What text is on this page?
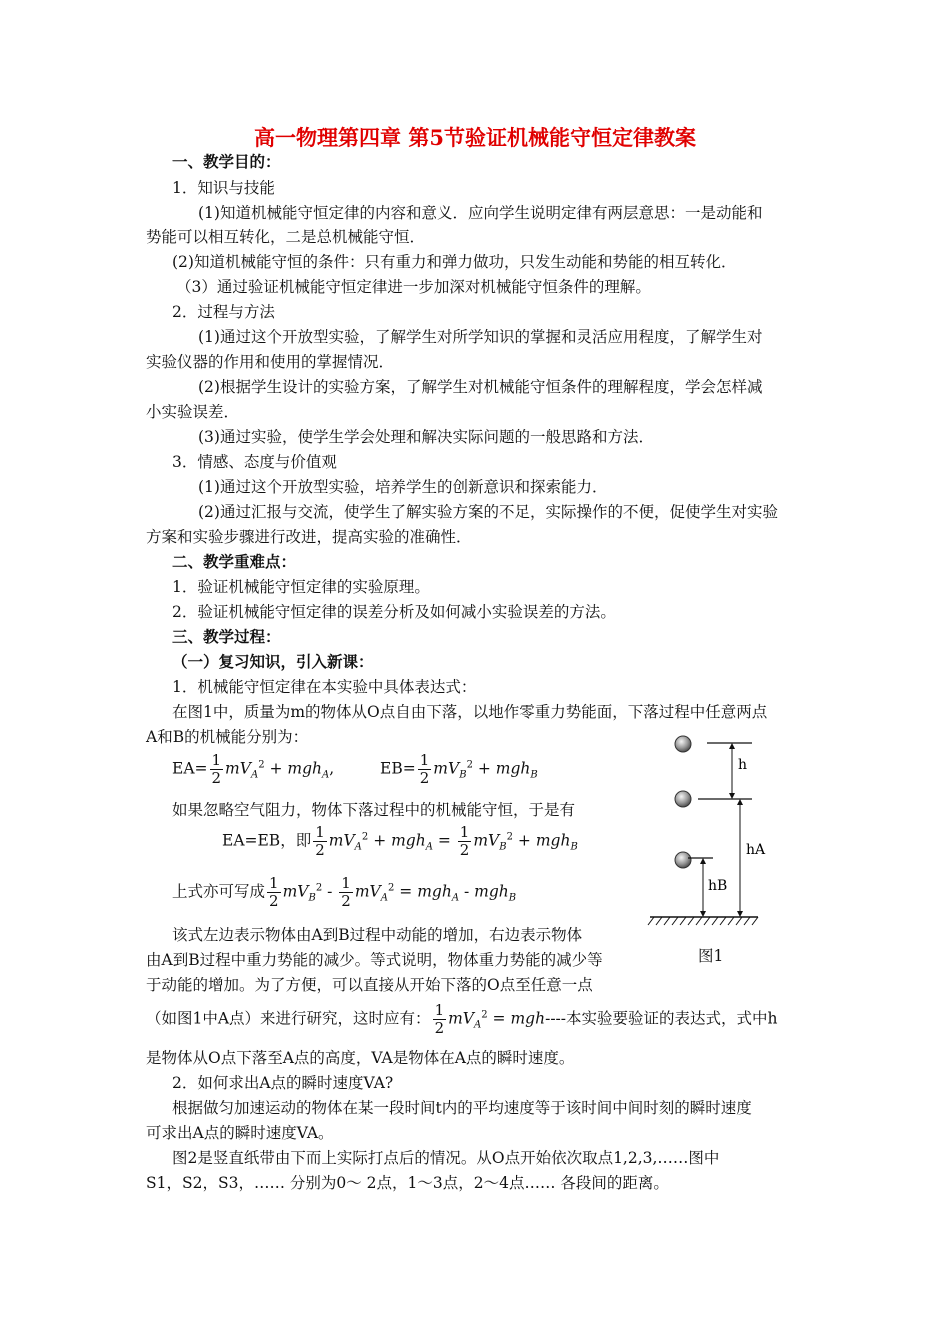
高一物理第四章 第5节验证机械能守恒定律教案
一、教学目的：
1．知识与技能
(1)知道机械能守恒定律的内容和意义．应向学生说明定律有两层意思：一是动能和
势能可以相互转化，二是总机械能守恒．
(2)知道机械能守恒的条件：只有重力和弹力做功，只发生动能和势能的相互转化．
（3）通过验证机械能守恒定律进一步加深对机械能守恒条件的理解。
2．过程与方法
(1)通过这个开放型实验，了解学生对所学知识的掌握和灵活应用程度，了解学生对
实验仪器的作用和使用的掌握情况．
(2)根据学生设计的实验方案，了解学生对机械能守恒条件的理解程度，学会怎样减
小实验误差．
(3)通过实验，使学生学会处理和解决实际问题的一般思路和方法．
3．情感、态度与价值观
(1)通过这个开放型实验，培养学生的创新意识和探索能力．
(2)通过汇报与交流，使学生了解实验方案的不足，实际操作的不便，促使学生对实验
方案和实验步骤进行改进，提高实验的准确性．
二、教学重难点：
1．验证机械能守恒定律的实验原理。
2．验证机械能守恒定律的误差分析及如何减小实验误差的方法。
三、教学过程：
（一）复习知识，引入新课：
1．机械能守恒定律在本实验中具体表达式：
在图1中，质量为m的物体从O点自由下落，以地作零重力势能面，下落过程中任意两点
A和B的机械能分别为：
$EA= \frac{1}{2} mV_A^2 + mgh_A$,	$EB= \frac{1}{2} mV_B^2 + mgh_B$
如果忽略空气阻力，物体下落过程中的机械能守恒，于是有
EA=EB，即 $\frac{1}{2} mV_A^2 + mgh_A = \frac{1}{2} mV_B^2 + mgh_B$
上式亦可写成 $\frac{1}{2} mV_B^2 - \frac{1}{2} mV_A^2 = mgh_A - mgh_B$
该式左边表示物体由A到B过程中动能的增加，右边表示物体
由A到B过程中重力势能的减少。等式说明，物体重力势能的减少等
于动能的增加。为了方便，可以直接从开始下落的O点至任意一点
（如图1中A点）来进行研究，这时应有： $\frac{1}{2} mV_A^2 = mgh----$本实验要验证的表达式，式中h
是物体从O点下落至A点的高度，VA是物体在A点的瞬时速度。
2．如何求出A点的瞬时速度VA?
根据做匀加速运动的物体在某一段时间t内的平均速度等于该时间中间时刻的瞬时速度
可求出A点的瞬时速度VA。
图2是竖直纸带由下而上实际打点后的情况。从O点开始依次取点1,2,3,……图中
S1，S2，S3，…… 分别为0～ 2点，1～3点，2～4点…… 各段间的距离。
h
hA
hB
图1
